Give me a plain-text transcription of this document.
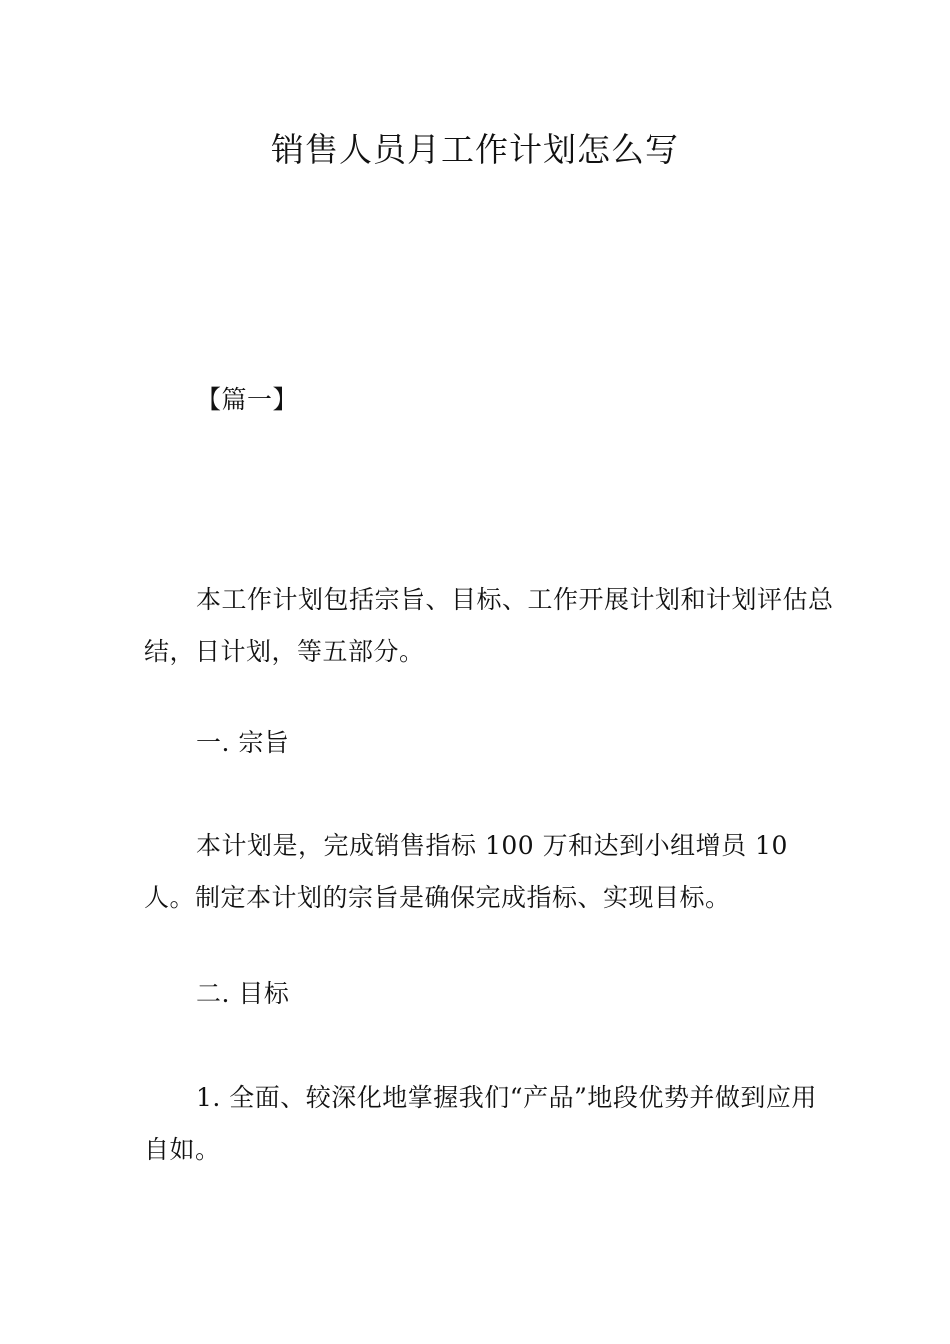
销售人员月工作计划怎么写

【篇一】

本工作计划包括宗旨、目标、工作开展计划和计划评估总结，日计划，等五部分。

一. 宗旨

本计划是，完成销售指标 100 万和达到小组增员 10 人。制定本计划的宗旨是确保完成指标、实现目标。

二. 目标

1. 全面、较深化地掌握我们“产品”地段优势并做到应用自如。
